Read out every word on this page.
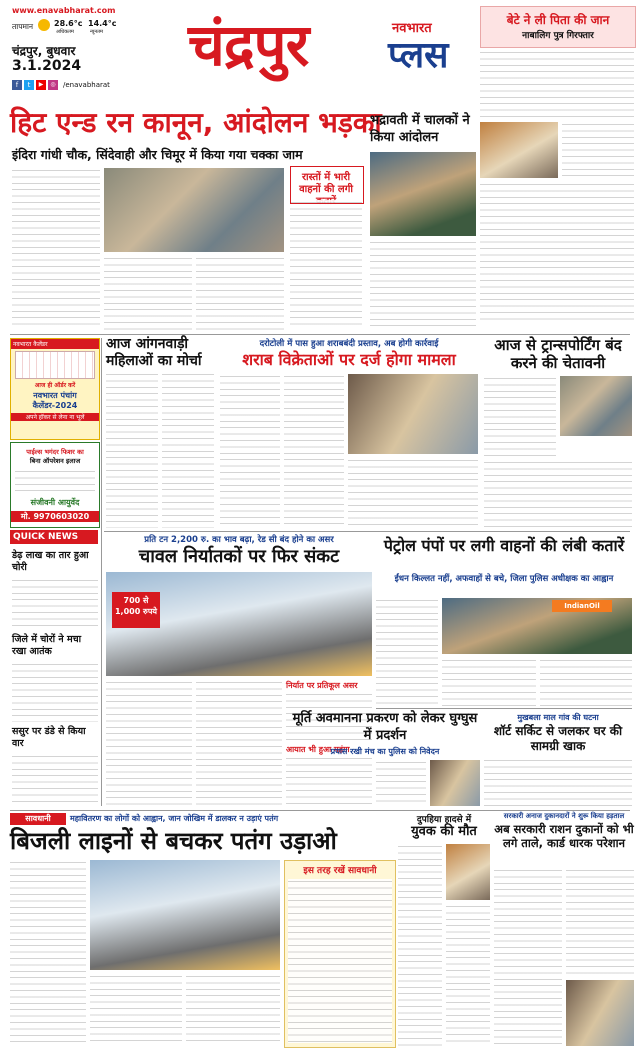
www.enavabharat.com
तापमान	28.6°c
अधिकतम
14.4°c
न्यूनतम
चंद्रपुर, बुधवार
3.1.2024
f	t	▶	◎	/enavabharat
चंद्रपुर	नवभारत
प्लस
बेटे ने ली पिता की जान
नाबालिग पुत्र गिरफ्तार
हिट एन्ड रन कानून, आंदोलन भड़का
इंदिरा गांधी चौक, सिंदेवाही और चिमूर में किया गया चक्का जाम
रास्तों में भारी वाहनों की लगी
भद्रावती में चालकों ने किया आंदोलन
नवभारत कैलेंडर
आज ही ऑर्डर करें
नवभारत पंचांग कैलेंडर-2024
अपने हॉकर से लेना ना भूलें
पाईल्स भगंदर फिशर का
बिना ऑपरेशन इलाज
संजीवनी आयुर्वेद
मो. 9970603020
QUICK NEWS
डेढ़ लाख का तार हुआ चोरी
जिले में चोरों ने मचा रखा आतंक
ससुर पर डंडे से किया वार
आज आंगनवाड़ी महिलाओं का मोर्चा
दरोटोली में पास हुआ शराबबंदी प्रस्ताव, अब होगी कार्रवाई
शराब विक्रेताओं पर दर्ज होगा मामला
आज से ट्रान्सपोर्टिंग बंद करने की चेतावनी
प्रति टन 2,200 रु. का भाव बढ़ा, रेड सी बंद होने का असर
चावल निर्यातकों पर फिर संकट
700 से 1,000 रुपये
निर्यात पर प्रतिकूल असर
आयात भी हुआ महंगा
पेट्रोल पंपों पर लगी वाहनों की लंबी कतारें
ईंधन किल्लत नहीं, अफवाहों से बचे, जिला पुलिस अधीक्षक का आह्वान
IndianOil
मूर्ति अवमानना प्रकरण को लेकर घुग्घुस में प्रदर्शन
प्रयास रखी मंच का पुलिस को निवेदन
मुखबला माल गांव की घटना
शॉर्ट सर्किट से जलकर घर की सामग्री खाक
सावधानी	महावितरण का लोगों को आह्वान, जान जोखिम में डालकर न उड़ाएं पतंग
बिजली लाइनों से बचकर पतंग उड़ाओ
इस तरह रखें सावधानी
दुपहिया हादसे में
युवक की मौत
सरकारी अनाज दुकानदारों ने शुरू किया हड़ताल
अब सरकारी राशन दुकानों को भी लगे ताले, कार्ड धारक परेशान
